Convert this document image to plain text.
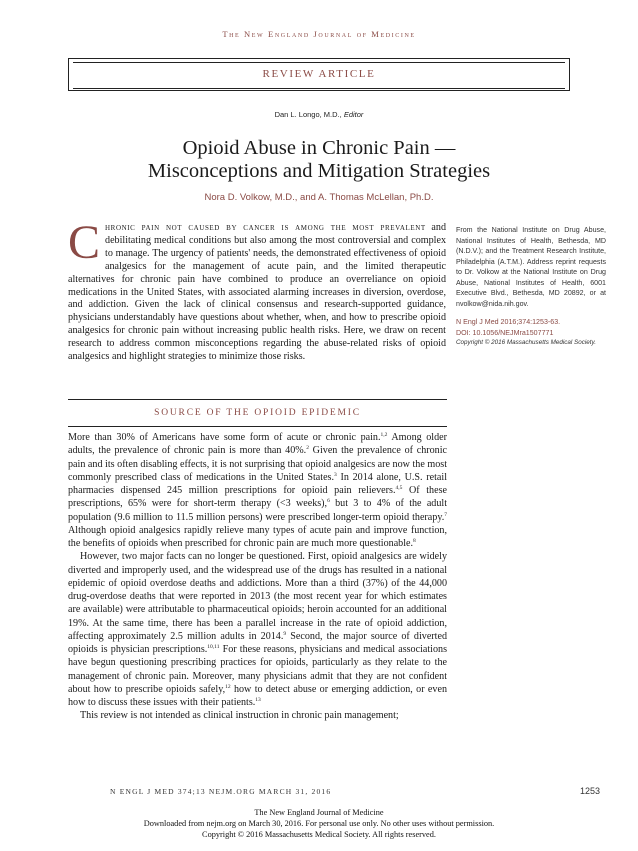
The New England Journal of Medicine
REVIEW ARTICLE
Dan L. Longo, M.D., Editor
Opioid Abuse in Chronic Pain —
Misconceptions and Mitigation Strategies
Nora D. Volkow, M.D., and A. Thomas McLellan, Ph.D.
Chronic pain not caused by cancer is among the most prevalent and debilitating medical conditions but also among the most controversial and complex to manage. The urgency of patients' needs, the demonstrated effectiveness of opioid analgesics for the management of acute pain, and the limited therapeutic alternatives for chronic pain have combined to produce an overreliance on opioid medications in the United States, with associated alarming increases in diversion, overdose, and addiction. Given the lack of clinical consensus and research-supported guidance, physicians understandably have questions about whether, when, and how to prescribe opioid analgesics for chronic pain without increasing public health risks. Here, we draw on recent research to address common misconceptions regarding the abuse-related risks of opioid analgesics and highlight strategies to minimize those risks.
From the National Institute on Drug Abuse, National Institutes of Health, Bethesda, MD (N.D.V.); and the Treatment Research Institute, Philadelphia (A.T.M.). Address reprint requests to Dr. Volkow at the National Institute on Drug Abuse, National Institutes of Health, 6001 Executive Blvd., Bethesda, MD 20892, or at nvolkow@nida.nih.gov.
N Engl J Med 2016;374:1253-63.
DOI: 10.1056/NEJMra1507771
Copyright © 2016 Massachusetts Medical Society.
SOURCE OF THE OPIOID EPIDEMIC

More than 30% of Americans have some form of acute or chronic pain.$^{1,2}$ Among older adults, the prevalence of chronic pain is more than 40%.$^2$ Given the prevalence of chronic pain and its often disabling effects, it is not surprising that opioid analgesics are now the most commonly prescribed class of medications in the United States.$^3$ In 2014 alone, U.S. retail pharmacies dispensed 245 million prescriptions for opioid pain relievers.$^{4,5}$ Of these prescriptions, 65% were for short-term therapy (<3 weeks),$^6$ but 3 to 4% of the adult population (9.6 million to 11.5 million persons) were prescribed longer-term opioid therapy.$^7$ Although opioid analgesics rapidly relieve many types of acute pain and improve function, the benefits of opioids when prescribed for chronic pain are much more questionable.$^8$

However, two major facts can no longer be questioned. First, opioid analgesics are widely diverted and improperly used, and the widespread use of the drugs has resulted in a national epidemic of opioid overdose deaths and addictions. More than a third (37%) of the 44,000 drug-overdose deaths that were reported in 2013 (the most recent year for which estimates are available) were attributable to pharmaceutical opioids; heroin accounted for an additional 19%. At the same time, there has been a parallel increase in the rate of opioid addiction, affecting approximately 2.5 million adults in 2014.$^9$ Second, the major source of diverted opioids is physician prescriptions.$^{10,11}$ For these reasons, physicians and medical associations have begun questioning prescribing practices for opioids, particularly as they relate to the management of chronic pain. Moreover, many physicians admit that they are not confident about how to prescribe opioids safely,$^{12}$ how to detect abuse or emerging addiction, or even how to discuss these issues with their patients.$^{13}$

This review is not intended as clinical instruction in chronic pain management;

N ENGL J MED 374;13 NEJM.ORG MARCH 31, 2016	1253
The New England Journal of Medicine
Downloaded from nejm.org on March 30, 2016. For personal use only. No other uses without permission.
Copyright © 2016 Massachusetts Medical Society. All rights reserved.
